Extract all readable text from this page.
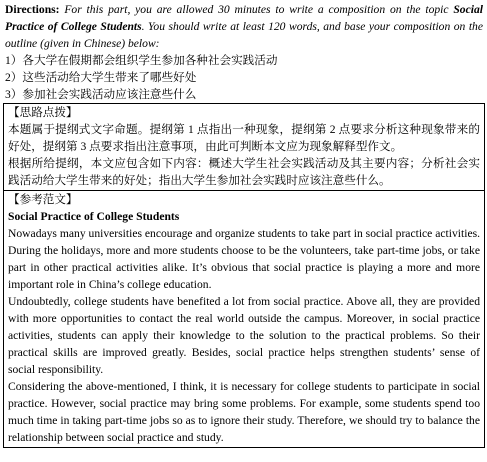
Directions: For this part, you are allowed 30 minutes to write a composition on the topic Social Practice of College Students. You should write at least 120 words, and base your composition on the outline (given in Chinese) below:

1）各大学在假期都会组织学生参加各种社会实践活动
2）这些活动给大学生带来了哪些好处
3）参加社会实践活动应该注意些什么
【思路点拨】

本题属于提纲式文字命题。提纲第 1 点指出一种现象，提纲第 2 点要求分析这种现象带来的好处，提纲第 3 点要求指出注意事项，由此可判断本文应为现象解释型作文。

根据所给提纲，本文应包含如下内容：概述大学生社会实践活动及其主要内容；分析社会实践活动给大学生带来的好处；指出大学生参加社会实践时应该注意些什么。

【参考范文】

Social Practice of College Students

Nowadays many universities encourage and organize students to take part in social practice activities. During the holidays, more and more students choose to be the volunteers, take part-time jobs, or take part in other practical activities alike. It’s obvious that social practice is playing a more and more important role in China’s college education.

Undoubtedly, college students have benefited a lot from social practice. Above all, they are provided with more opportunities to contact the real world outside the campus. Moreover, in social practice activities, students can apply their knowledge to the solution to the practical problems. So their practical skills are improved greatly. Besides, social practice helps strengthen students’ sense of social responsibility.

Considering the above-mentioned, I think, it is necessary for college students to participate in social practice. However, social practice may bring some problems. For example, some students spend too much time in taking part-time jobs so as to ignore their study. Therefore, we should try to balance the relationship between social practice and study.
